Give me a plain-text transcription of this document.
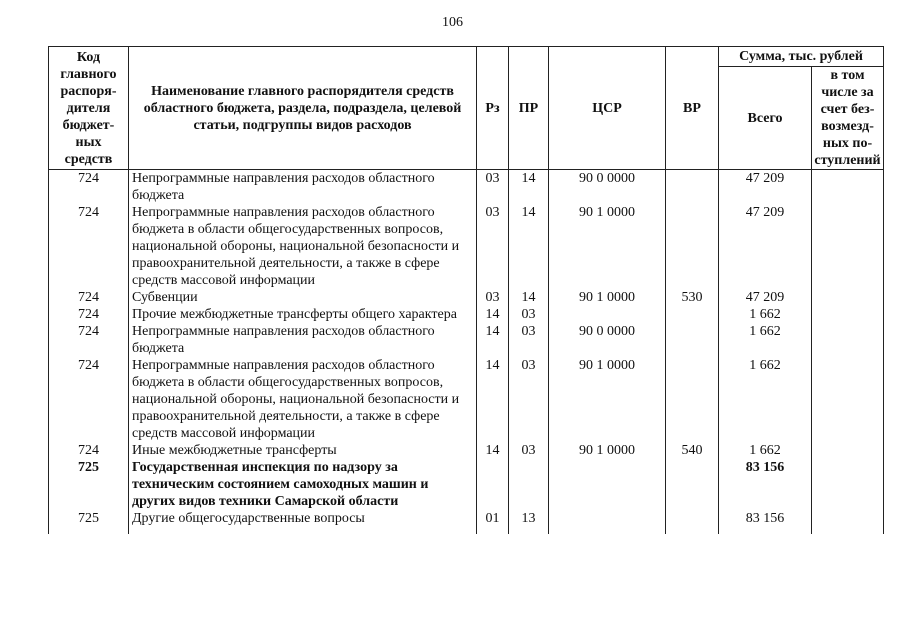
106
Код главного распоря-дителя бюджет-ных средств	Наименование главного распорядителя средств областного бюджета, раздела, подраздела, целевой статьи, подгруппы видов расходов	Рз	ПР	ЦСР	ВР	Сумма, тыс. рублей	
						Всего	в том числе за счет без-возмезд-ных по-ступлений
724	Непрограммные направления расходов областного бюджета	03	14	90 0 0000		47 209	
724	Непрограммные направления расходов областного бюджета в области общегосударственных вопросов, национальной обороны, национальной безопасности и правоохранительной деятельности, а также в сфере средств массовой информации	03	14	90 1 0000		47 209	
724	Субвенции	03	14	90 1 0000	530	47 209	
724	Прочие межбюджетные трансферты общего характера	14	03			1 662	
724	Непрограммные направления расходов областного бюджета	14	03	90 0 0000		1 662	
724	Непрограммные направления расходов областного бюджета в области общегосударственных вопросов, национальной обороны, национальной безопасности и правоохранительной деятельности, а также в сфере средств массовой информации	14	03	90 1 0000		1 662	
724	Иные межбюджетные трансферты	14	03	90 1 0000	540	1 662	
725	Государственная инспекция по надзору за техническим состоянием самоходных машин и других видов техники Самарской области					83 156	
725	Другие общегосударственные вопросы	01	13			83 156	
